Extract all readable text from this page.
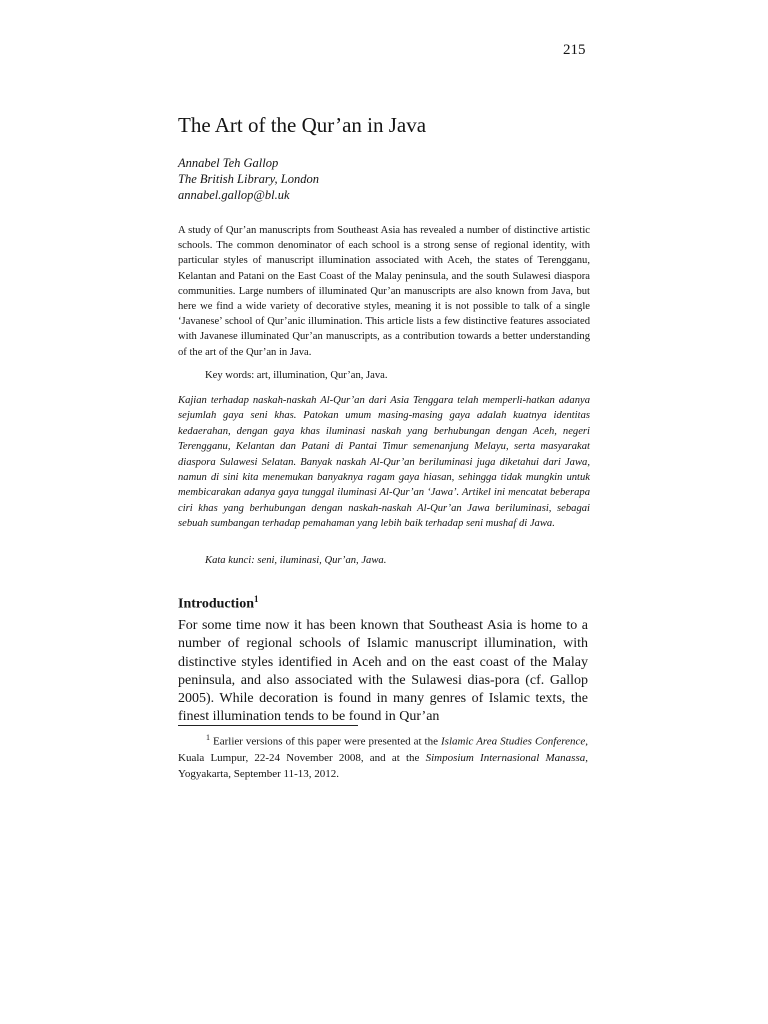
215
The Art of the Qur’an in Java
Annabel Teh Gallop
The British Library, London
annabel.gallop@bl.uk

A study of Qur’an manuscripts from Southeast Asia has revealed a number of distinctive artistic schools. The common denominator of each school is a strong sense of regional identity, with particular styles of manuscript illumination associated with Aceh, the states of Terengganu, Kelantan and Patani on the East Coast of the Malay peninsula, and the south Sulawesi diaspora communities. Large numbers of illuminated Qur’an manuscripts are also known from Java, but here we find a wide variety of decorative styles, meaning it is not possible to talk of a single ‘Javanese’ school of Qur’anic illumination. This article lists a few distinctive features associated with Javanese illuminated Qur’an manuscripts, as a contribution towards a better understanding of the art of the Qur’an in Java.

Key words: art, illumination, Qur’an, Java.

Kajian terhadap naskah-naskah Al-Qur’an dari Asia Tenggara telah memperli-hatkan adanya sejumlah gaya seni khas. Patokan umum masing-masing gaya adalah kuatnya identitas kedaerahan, dengan gaya khas iluminasi naskah yang berhubungan dengan Aceh, negeri Terengganu, Kelantan dan Patani di Pantai Timur semenanjung Melayu, serta masyarakat diaspora Sulawesi Selatan. Banyak naskah Al-Qur’an beriluminasi juga diketahui dari Jawa, namun di sini kita menemukan banyaknya ragam gaya hiasan, sehingga tidak mungkin untuk membicarakan adanya gaya tunggal iluminasi Al-Qur’an ‘Jawa’. Artikel ini mencatat beberapa ciri khas yang berhubungan dengan naskah-naskah Al-Qur’an Jawa beriluminasi, sebagai sebuah sumbangan terhadap pemahaman yang lebih baik terhadap seni mushaf di Jawa.

Kata kunci: seni, iluminasi, Qur’an, Jawa.
Introduction$^1$

For some time now it has been known that Southeast Asia is home to a number of regional schools of Islamic manuscript illumination, with distinctive styles identified in Aceh and on the east coast of the Malay peninsula, and also associated with the Sulawesi dias-pora (cf. Gallop 2005). While decoration is found in many genres of Islamic texts, the finest illumination tends to be found in Qur’an

$^1$ Earlier versions of this paper were presented at the Islamic Area Studies Conference, Kuala Lumpur, 22-24 November 2008, and at the Simposium Internasional Manassa, Yogyakarta, September 11-13, 2012.
